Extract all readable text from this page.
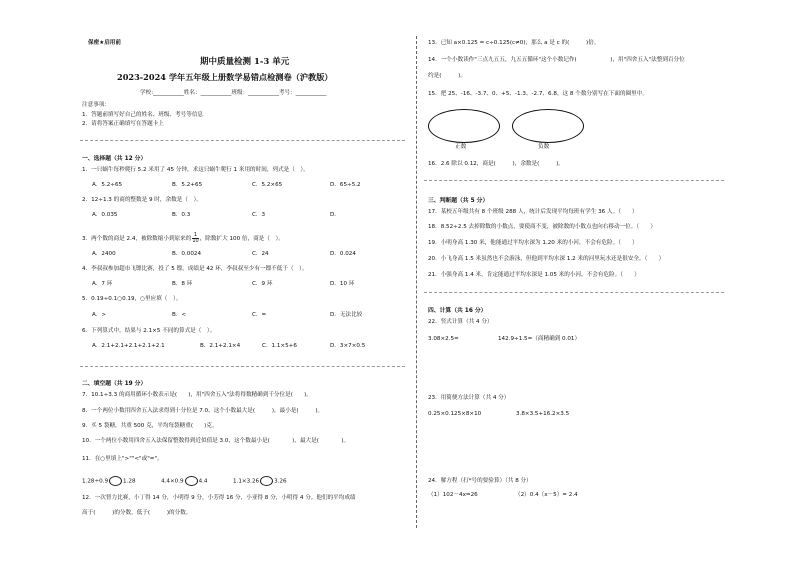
保密★启用前
期中质量检测 1-3 单元
2023-2024 学年五年级上册数学易错点检测卷（沪教版）
学校:___________姓名：___________班级：___________考号：___________
注意事项：
1．答题前填写好自己的姓名、班级、考号等信息
2．请将答案正确填写在答题卡上
一、选择题（共 12 分）
1．一只蜗牛每秒爬行 5.2 米用了 45 分钟，求这只蜗牛爬行 1 米用的时间，列式是（　）。
A．5.2÷65	B．5.2+65	C．5.2×65	D．65÷5.2
2．12÷1.3 的商的整数是 9 时，余数是（　）。
A．0.035	B．0.3	C．3	D．
3．两个数的商是 2.4，被除数缩小到原来的 $\frac{1}{10}$ ，除数扩大 100 倍，商是（　）。
A．2400	B．0.0024	C．24	D．0.024
4．李叔叔参加超市飞镖比赛，投了 5 镖，成绩是 42 环，李叔叔至少有一镖不低于（　）。
A．7 环	B．8 环	C．9 环	D．10 环
5．0.19÷0.1○0.19，○里应填（　）。
A．>	B．<	C．=	D．无法比较
6．下列算式中，结果与 2.1×5 不同的算式是（　）。
A．2.1+2.1+2.1+2.1+2.1	B．2.1+2.1×4	C．1.1×5+6	D．3×7×0.5
二、填空题（共 19 分）
7．10.1÷3.3 的商用循环小数表示是(　　)，用"四舍五入"法将得数精确到千分位是(　　)。
8．一个两位小数用四舍五入法求得到十分位是 7.0，这个小数最大是(　　　)，最小是(　　　)。
9．买 5 袋糖，共重 500 克，平均每袋糖重(　　)克。
10．一个两位小数用四舍五入法保留整数得到近似值是 3.0，这个数最小是(　　　　)，最大是(　　　　)。
11．在○里填上">""<"或"="。
1.28÷0.9	1.28	4.4×0.9	4.4	1.1×3.26	3.26
12．一次智力比赛，小丁得 14 分，小明得 9 分，小芳得 16 分，小亚得 8 分，小明得 4 分。他们的平均成绩
高于(　　　)的分数，低于(　　　)的分数。
13．已知 a×0.125 = c÷0.125(c≠0)，那么 a 是 c 的(　　　)倍。
14．一个小数读作"三点九五五，九五五循环"这个小数记作(　　　　　　)，用"四舍五入"法整到百分位
约是(　　　)。
15．把 25、-16、-3.7、0、+5、-1.3、-2.7、6.8，这 8 个数分别写在下面的圈里中。
正数	负数
16．2.6 除以 0.12，商是(　　　)，余数是(　　　)。
三、判断题（共 5 分）
17．某校五年级共有 8 个班级 288 人，统计后发现平均每班有学生 36 人。（　　）
18．8.52÷2.5 去掉除数的小数点，要使商不变，被除数的小数点也向右移动一位。（　　）
19．小明身高 1.30 米，他能通过平均水深为 1.20 米的小河，不会有危险。（　　）
20．小飞身高 1.5 米虽然也不会游泳，但他到平均水深 1.2 米的河里玩水还是很安全。（　　）
21．小强身高 1.4 米，肯定能通过平均水深是 1.05 米的小河，不会有危险。（　　）
四、计算（共 16 分）
22．竖式计算（共 4 分）
3.08×2.5=	142.9÷1.5=（商精确到 0.01）
23．用简便方法计算（共 4 分）
0.25×0.125×8×10	3.8×3.5+16.2×3.5
24．解方程（打*号的要验算）（共 8 分）
（1）102－4x=26	（2）0.4（x－5）= 2.4
